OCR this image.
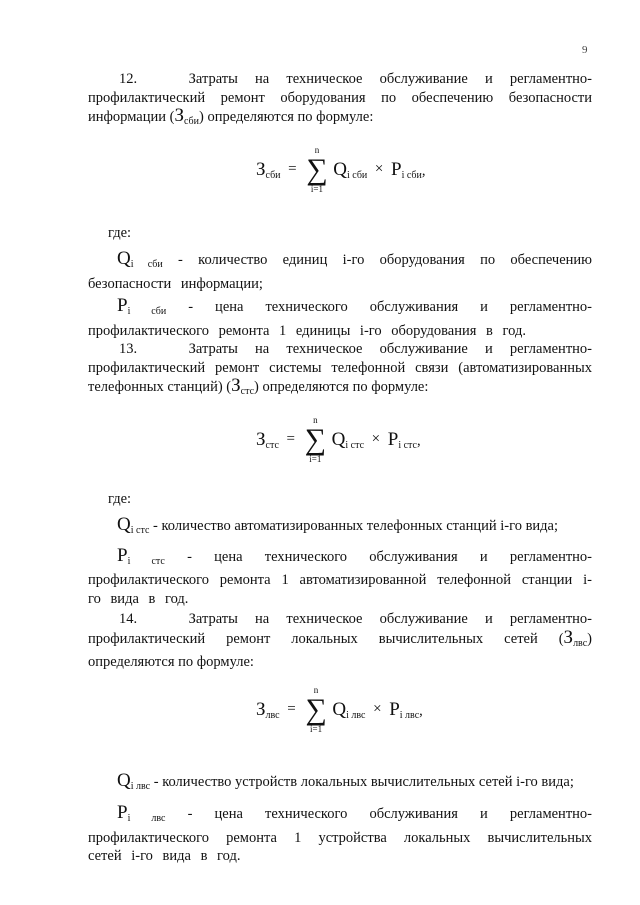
9

12.   Затраты на техническое обслуживание и регламентно-профилактический ремонт оборудования по обеспечению безопасности информации $(З_{сби})$ определяются по формуле:

$З_{сби}$ =
n
∑
i=1
$Q_{i сби} \times P_{i сби}$,

где:

$Q_{i сби}$ - количество единиц i-го оборудования по обеспечению безопасности информации;

$P_{i сби}$ - цена технического обслуживания и регламентно-профилактического ремонта 1 единицы i-го оборудования в год.

13.   Затраты на техническое обслуживание и регламентно-профилактический ремонт системы телефонной связи (автоматизированных телефонных станций) $(З_{стс})$ определяются по формуле:

$З_{стс}$ =
n
∑
i=1
$Q_{i стс} \times P_{i стс}$,

где:

$Q_{i стс}$ - количество автоматизированных телефонных станций i-го вида;

$P_{i стс}$ - цена технического обслуживания и регламентно-профилактического ремонта 1 автоматизированной телефонной станции i-го вида в год.

14.   Затраты на техническое обслуживание и регламентно-профилактический ремонт локальных вычислительных сетей $(З_{лвс})$ определяются по формуле:

$З_{лвс}$ =
n
∑
i=1
$Q_{i лвс} \times P_{i лвс}$,

$Q_{i лвс}$ - количество устройств локальных вычислительных сетей i-го вида;

$P_{i лвс}$ - цена технического обслуживания и регламентно-профилактического ремонта 1 устройства локальных вычислительных сетей i-го вида в год.
